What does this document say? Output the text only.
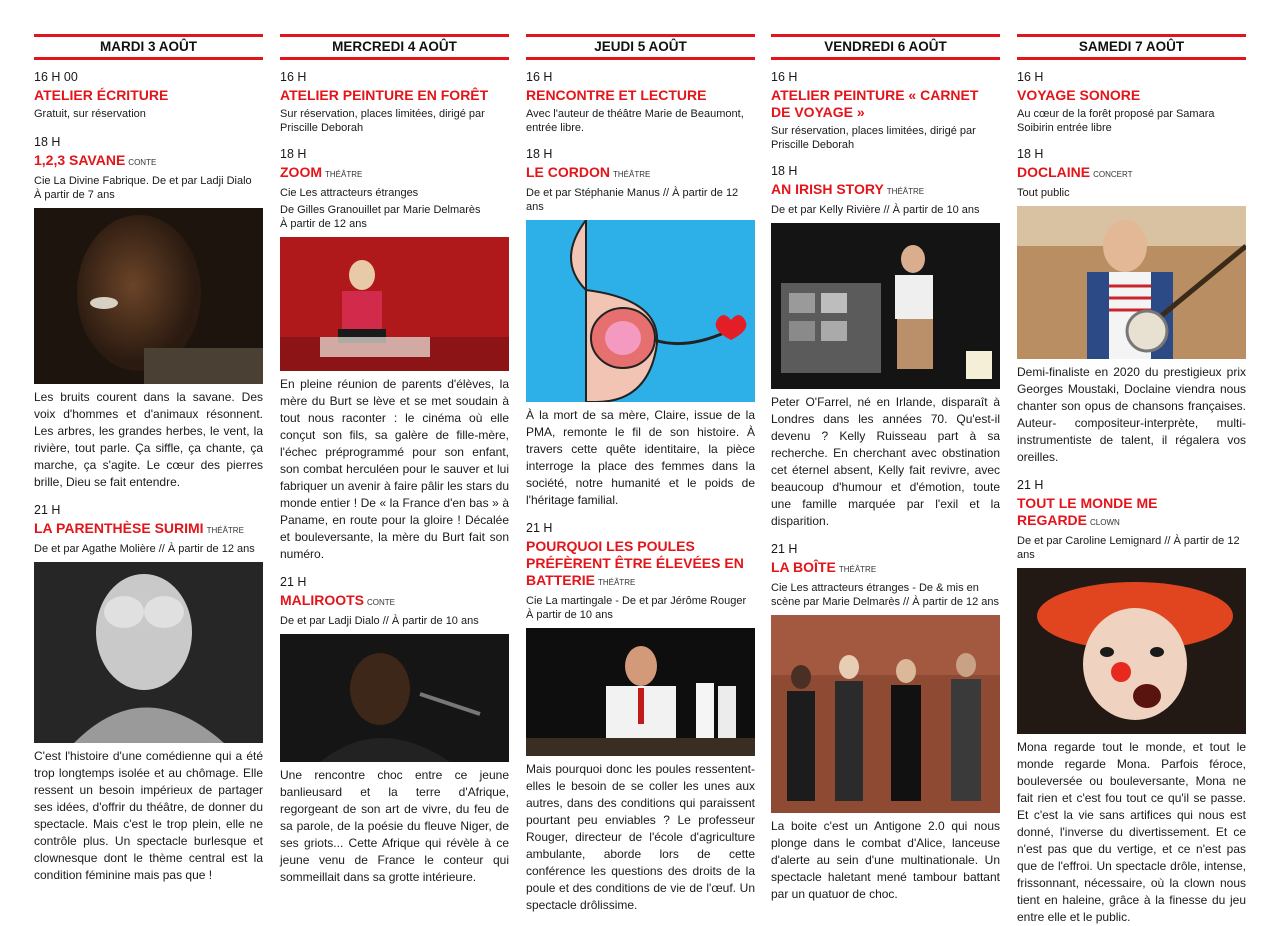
MARDI 3 AOÛT
16 H 00
ATELIER ÉCRITURE
Gratuit, sur réservation
18 H
1,2,3 SAVANE CONTE
Cie La Divine Fabrique. De et par Ladji Dialo
À partir de 7 ans
Les bruits courent dans la savane. Des voix d'hommes et d'animaux résonnent. Les arbres, les grandes herbes, le vent, la rivière, tout parle. Ça siffle, ça chante, ça marche, ça s'agite. Le cœur des pierres brille, Dieu se fait entendre.
21 H
LA PARENTHÈSE SURIMI THÉÂTRE
De et par Agathe Molière // À partir de 12 ans
C'est l'histoire d'une comédienne qui a été trop longtemps isolée et au chômage. Elle ressent un besoin impérieux de partager ses idées, d'offrir du théâtre, de donner du spectacle. Mais c'est le trop plein, elle ne contrôle plus. Un spectacle burlesque et clownesque dont le thème central est la condition féminine mais pas que !
MERCREDI 4 AOÛT
16 H
ATELIER PEINTURE EN FORÊT
Sur réservation, places limitées, dirigé par Priscille Deborah
18 H
ZOOM THÉÂTRE
Cie Les attracteurs étranges
De Gilles Granouillet par Marie Delmarès
À partir de 12 ans
En pleine réunion de parents d'élèves, la mère du Burt se lève et se met soudain à tout nous raconter : le cinéma où elle conçut son fils, sa galère de fille-mère, l'échec préprogrammé pour son enfant, son combat herculéen pour le sauver et lui fabriquer un avenir à faire pâlir les stars du monde entier ! De « la France d'en bas » à Paname, en route pour la gloire ! Décalée et bouleversante, la mère du Burt fait son numéro.
21 H
MALIROOTS CONTE
De et par Ladji Dialo // À partir de 10 ans
Une rencontre choc entre ce jeune banlieusard et la terre d'Afrique, regorgeant de son art de vivre, du feu de sa parole, de la poésie du fleuve Niger, de ses griots... Cette Afrique qui révèle à ce jeune venu de France le conteur qui sommeillait dans sa grotte intérieure.
JEUDI 5 AOÛT
16 H
RENCONTRE ET LECTURE
Avec l'auteur de théâtre Marie de Beaumont, entrée libre.
18 H
LE CORDON THÉÂTRE
De et par Stéphanie Manus // À partir de 12 ans
À la mort de sa mère, Claire, issue de la PMA, remonte le fil de son histoire. À travers cette quête identitaire, la pièce interroge la place des femmes dans la société, notre humanité et le poids de l'héritage familial.
21 H
POURQUOI LES POULES PRÉFÈRENT ÊTRE ÉLEVÉES EN BATTERIE THÉÂTRE
Cie La martingale - De et par Jérôme Rouger
À partir de 10 ans
Mais pourquoi donc les poules ressentent-elles le besoin de se coller les unes aux autres, dans des conditions qui paraissent pourtant peu enviables ? Le professeur Rouger, directeur de l'école d'agriculture ambulante, aborde lors de cette conférence les questions des droits de la poule et des conditions de vie de l'œuf. Un spectacle drôlissime.
VENDREDI 6 AOÛT
16 H
ATELIER PEINTURE « CARNET DE VOYAGE »
Sur réservation, places limitées, dirigé par Priscille Deborah
18 H
AN IRISH STORY THÉÂTRE
De et par Kelly Rivière // À partir de 10 ans
Peter O'Farrel, né en Irlande, disparaît à Londres dans les années 70. Qu'est-il devenu ? Kelly Ruisseau part à sa recherche. En cherchant avec obstination cet éternel absent, Kelly fait revivre, avec beaucoup d'humour et d'émotion, toute une famille marquée par l'exil et la disparition.
21 H
LA BOÎTE THÉÂTRE
Cie Les attracteurs étranges - De & mis en scène par Marie Delmarès // À partir de 12 ans
La boite c'est un Antigone 2.0 qui nous plonge dans le combat d'Alice, lanceuse d'alerte au sein d'une multinationale. Un spectacle haletant mené tambour battant par un quatuor de choc.
SAMEDI 7 AOÛT
16 H
VOYAGE SONORE
Au cœur de la forêt proposé par Samara Soibirin entrée libre
18 H
DOCLAINE CONCERT
Tout public
Demi-finaliste en 2020 du prestigieux prix Georges Moustaki, Doclaine viendra nous chanter son opus de chansons françaises. Auteur- compositeur-interprète, multi-instrumentiste de talent, il régalera vos oreilles.
21 H
TOUT LE MONDE ME REGARDE CLOWN
De et par Caroline Lemignard // À partir de 12 ans
Mona regarde tout le monde, et tout le monde regarde Mona. Parfois féroce, bouleversée ou bouleversante, Mona ne fait rien et c'est fou tout ce qu'il se passe. Et c'est la vie sans artifices qui nous est donné, l'inverse du divertissement. Et ce n'est pas que du vertige, et ce n'est pas que de l'effroi. Un spectacle drôle, intense, frissonnant, nécessaire, où la clown nous tient en haleine, grâce à la finesse du jeu entre elle et le public.
